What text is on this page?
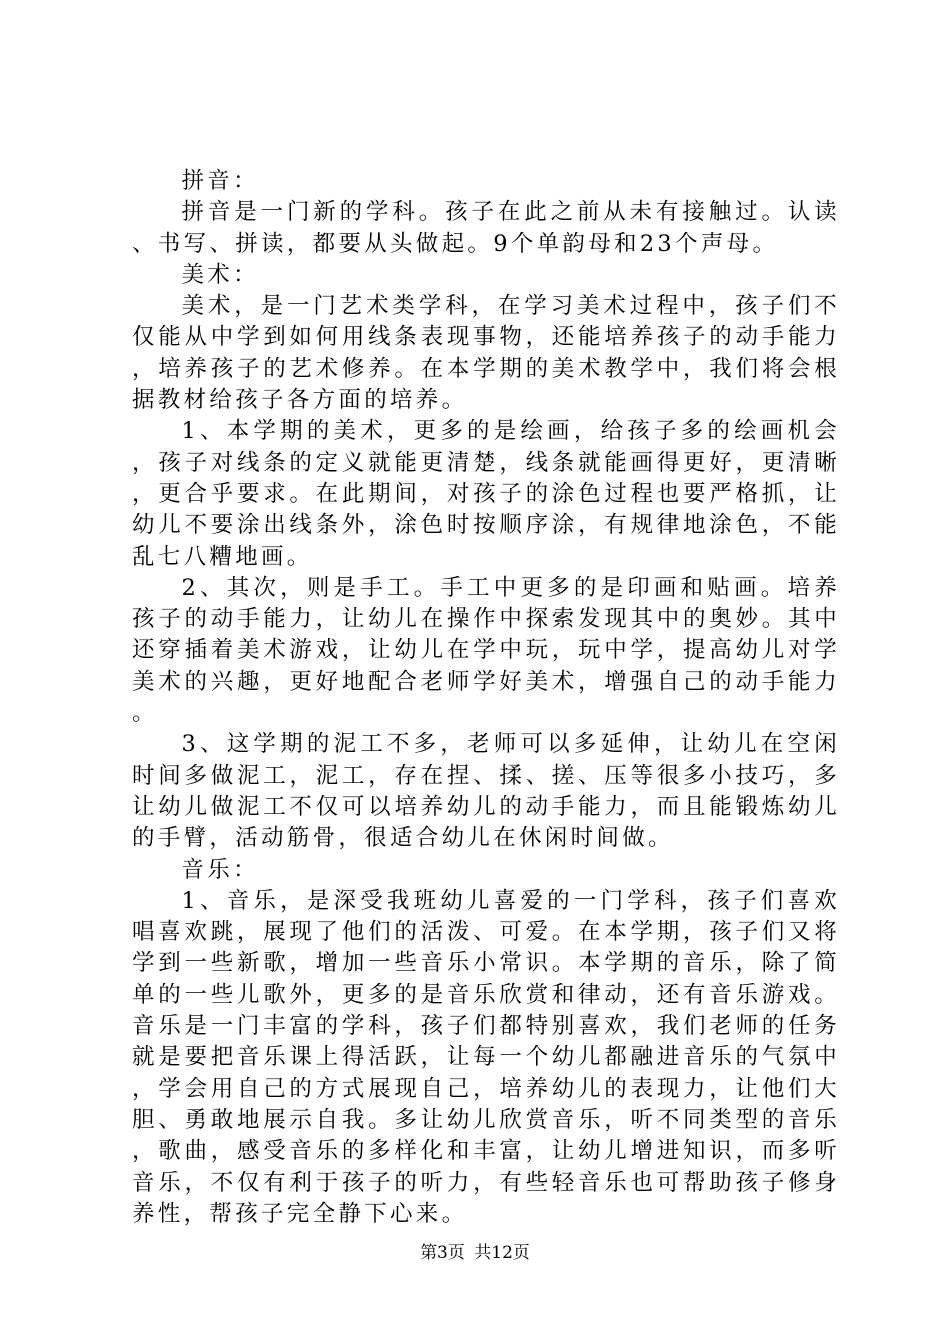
拼音：

拼音是一门新的学科。孩子在此之前从未有接触过。认读、书写、拼读，都要从头做起。9个单韵母和23个声母。

美术：

美术，是一门艺术类学科，在学习美术过程中，孩子们不仅能从中学到如何用线条表现事物，还能培养孩子的动手能力，培养孩子的艺术修养。在本学期的美术教学中，我们将会根据教材给孩子各方面的培养。

1、本学期的美术，更多的是绘画，给孩子多的绘画机会，孩子对线条的定义就能更清楚，线条就能画得更好，更清晰，更合乎要求。在此期间，对孩子的涂色过程也要严格抓，让幼儿不要涂出线条外，涂色时按顺序涂，有规律地涂色，不能乱七八糟地画。

2、其次，则是手工。手工中更多的是印画和贴画。培养孩子的动手能力，让幼儿在操作中探索发现其中的奥妙。其中还穿插着美术游戏，让幼儿在学中玩，玩中学，提高幼儿对学美术的兴趣，更好地配合老师学好美术，增强自己的动手能力。

3、这学期的泥工不多，老师可以多延伸，让幼儿在空闲时间多做泥工，泥工，存在捏、揉、搓、压等很多小技巧，多让幼儿做泥工不仅可以培养幼儿的动手能力，而且能锻炼幼儿的手臂，活动筋骨，很适合幼儿在休闲时间做。

音乐：

1、音乐，是深受我班幼儿喜爱的一门学科，孩子们喜欢唱喜欢跳，展现了他们的活泼、可爱。在本学期，孩子们又将学到一些新歌，增加一些音乐小常识。本学期的音乐，除了简单的一些儿歌外，更多的是音乐欣赏和律动，还有音乐游戏。音乐是一门丰富的学科，孩子们都特别喜欢，我们老师的任务就是要把音乐课上得活跃，让每一个幼儿都融进音乐的气氛中，学会用自己的方式展现自己，培养幼儿的表现力，让他们大胆、勇敢地展示自我。多让幼儿欣赏音乐，听不同类型的音乐，歌曲，感受音乐的多样化和丰富，让幼儿增进知识，而多听音乐，不仅有利于孩子的听力，有些轻音乐也可帮助孩子修身养性，帮孩子完全静下心来。

第3页 共12页
